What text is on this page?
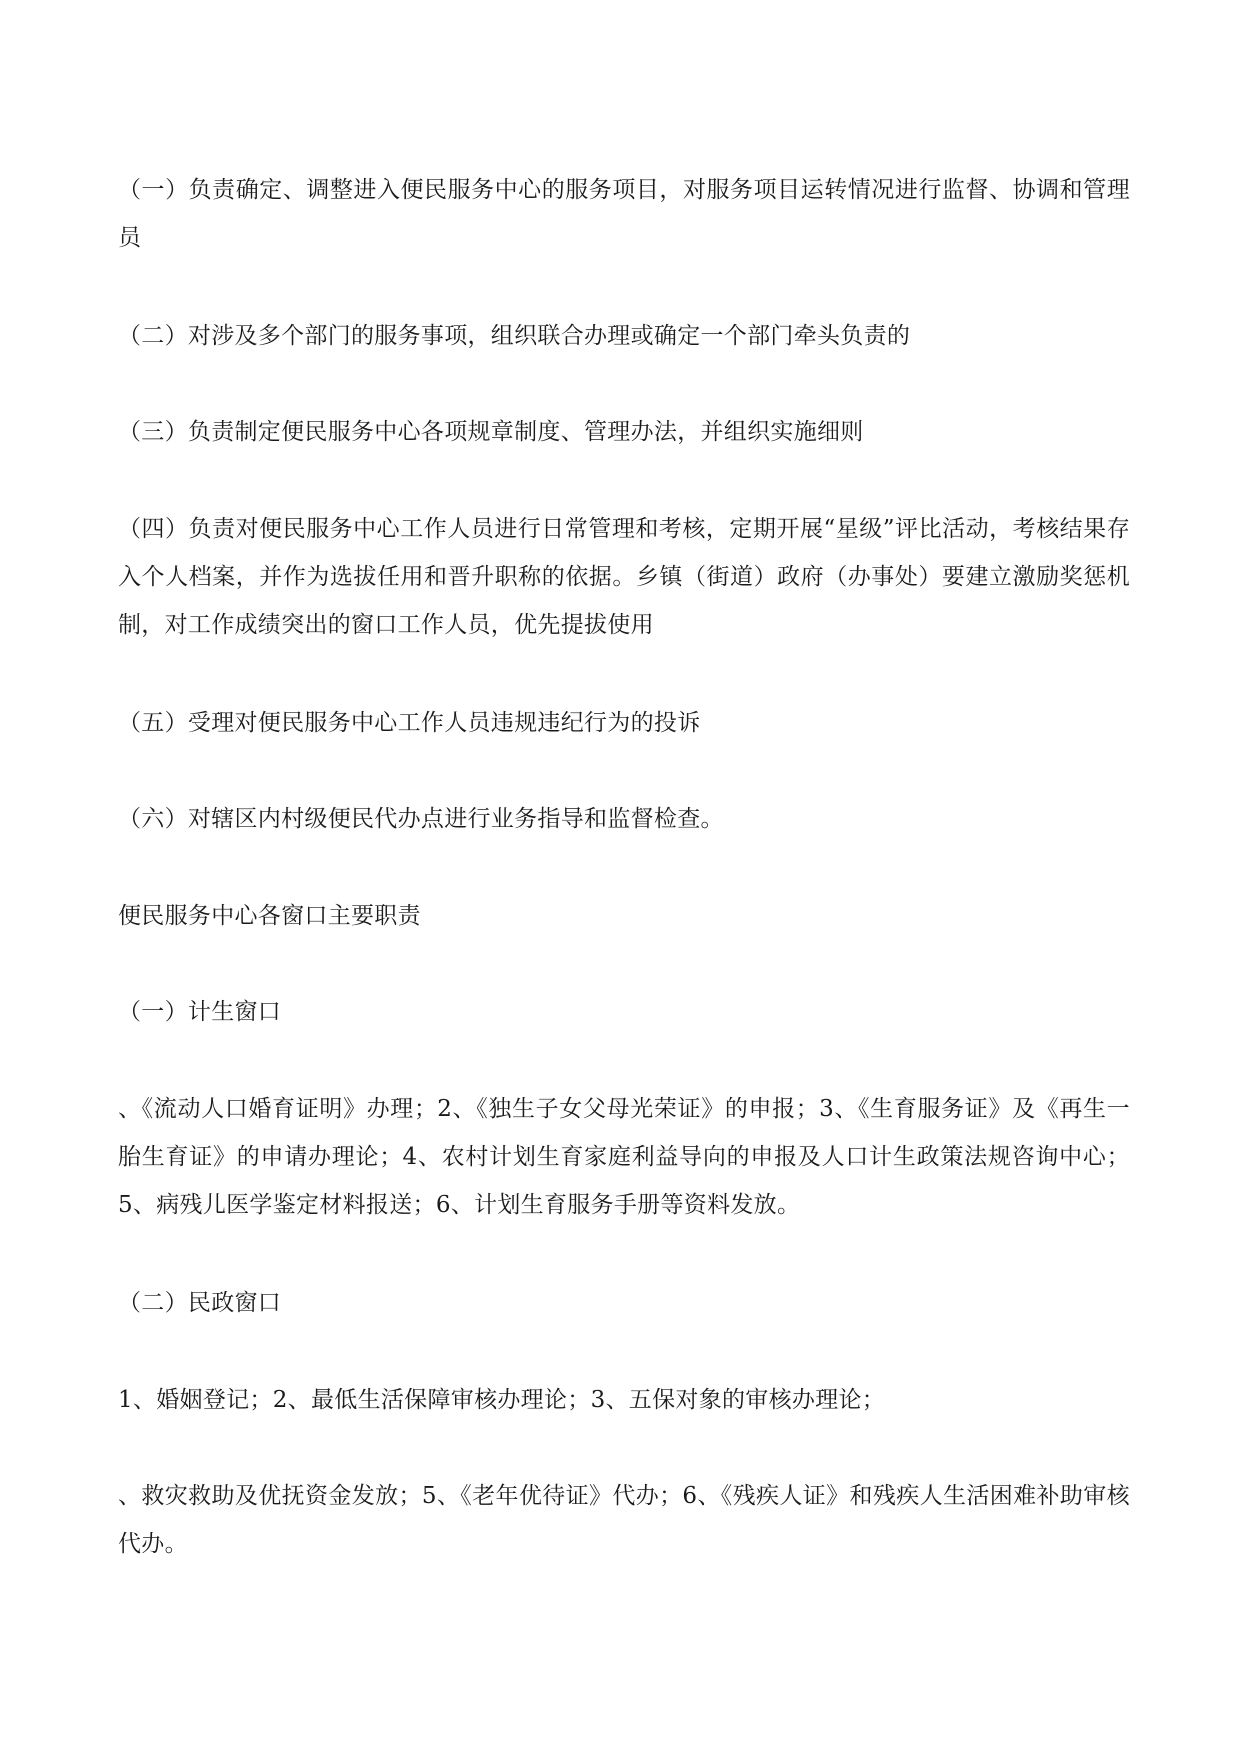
（一）负责确定、调整进入便民服务中心的服务项目，对服务项目运转情况进行监督、协调和管理员

（二）对涉及多个部门的服务事项，组织联合办理或确定一个部门牵头负责的

（三）负责制定便民服务中心各项规章制度、管理办法，并组织实施细则

（四）负责对便民服务中心工作人员进行日常管理和考核，定期开展“星级”评比活动，考核结果存入个人档案，并作为选拔任用和晋升职称的依据。乡镇（街道）政府（办事处）要建立激励奖惩机制，对工作成绩突出的窗口工作人员，优先提拔使用

（五）受理对便民服务中心工作人员违规违纪行为的投诉

（六）对辖区内村级便民代办点进行业务指导和监督检查。

便民服务中心各窗口主要职责

（一）计生窗口

、《流动人口婚育证明》办理；2、《独生子女父母光荣证》的申报；3、《生育服务证》及《再生一胎生育证》的申请办理论；4、农村计划生育家庭利益导向的申报及人口计生政策法规咨询中心；5、病残儿医学鉴定材料报送；6、计划生育服务手册等资料发放。

（二）民政窗口

1、婚姻登记；2、最低生活保障审核办理论；3、五保对象的审核办理论；

、救灾救助及优抚资金发放；5、《老年优待证》代办；6、《残疾人证》和残疾人生活困难补助审核代办。
